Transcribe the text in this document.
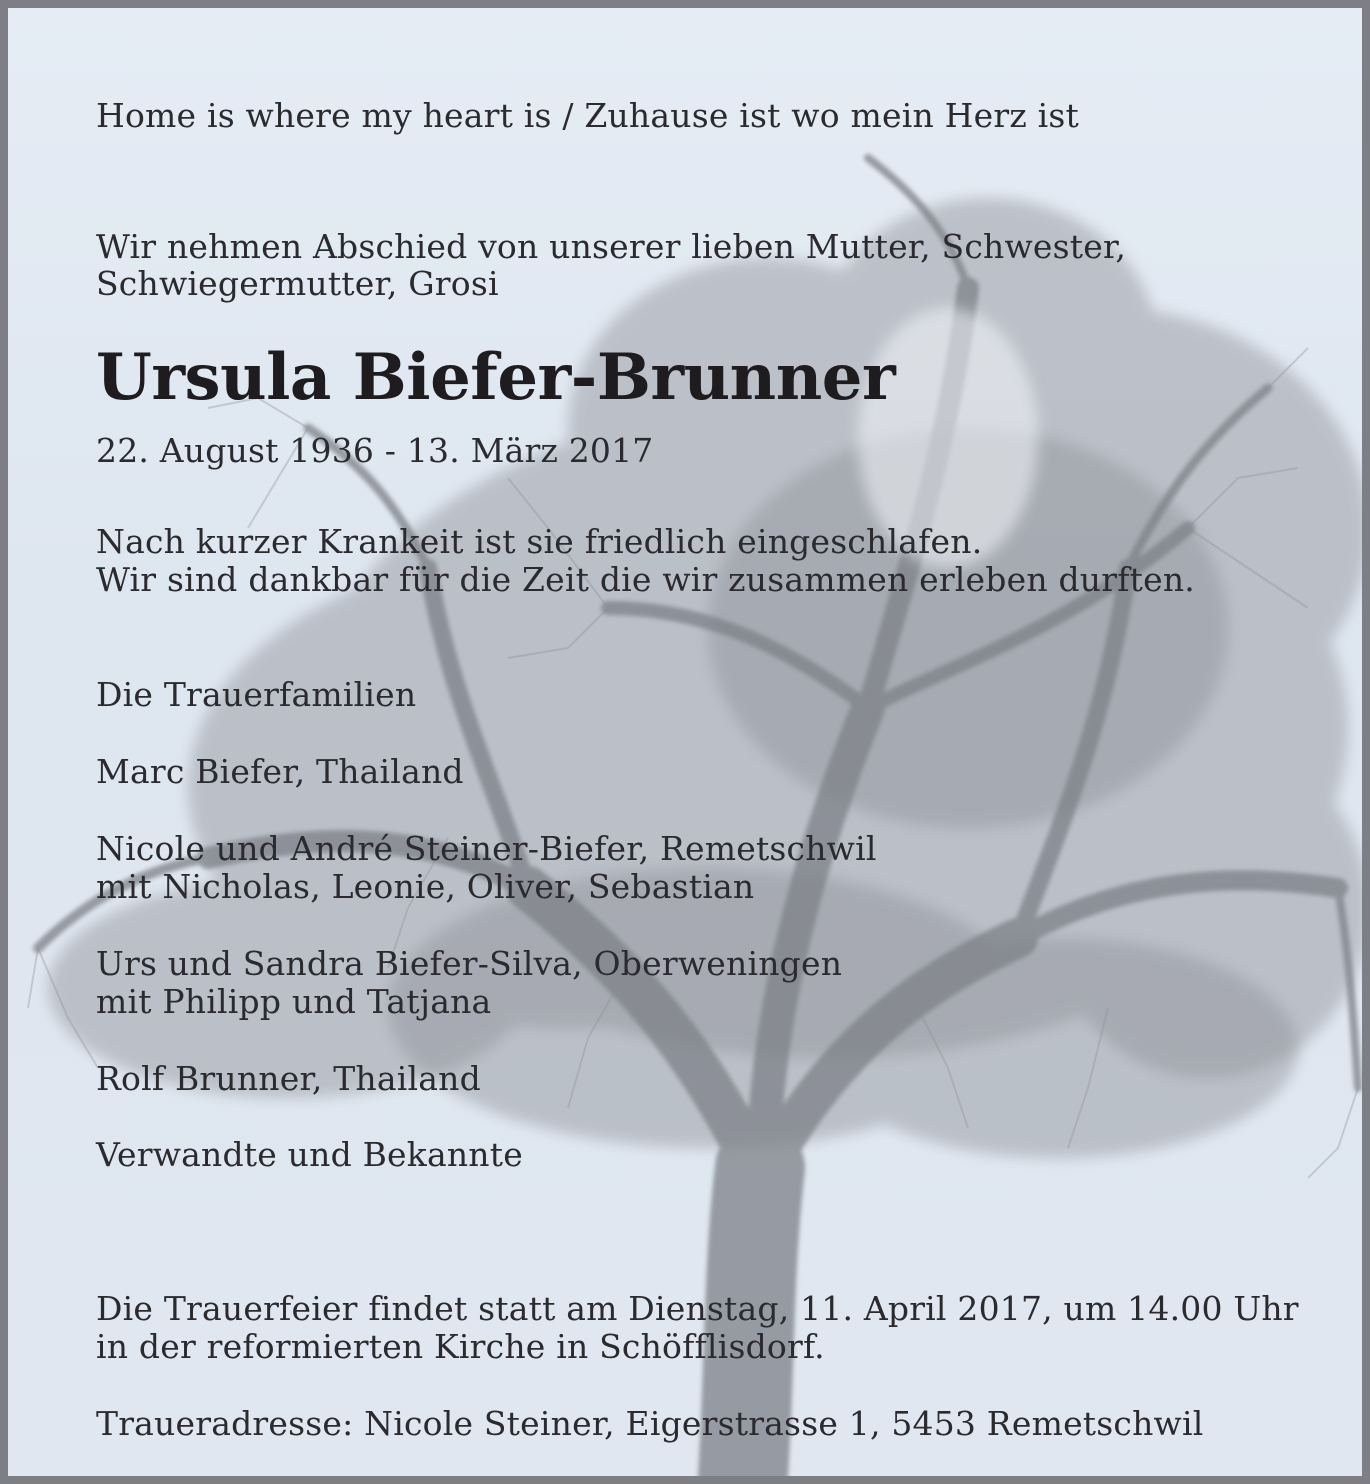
Home is where my heart is / Zuhause ist wo mein Herz ist
Wir nehmen Abschied von unserer lieben Mutter, Schwester,
Schwiegermutter, Grosi
Ursula Biefer-Brunner
22. August 1936 - 13. März 2017
Nach kurzer Krankeit ist sie friedlich eingeschlafen.
Wir sind dankbar für die Zeit die wir zusammen erleben durften.
Die Trauerfamilien
Marc Biefer, Thailand
Nicole und André Steiner-Biefer, Remetschwil
mit Nicholas, Leonie, Oliver, Sebastian
Urs und Sandra Biefer-Silva, Oberweningen
mit Philipp und Tatjana
Rolf Brunner, Thailand
Verwandte und Bekannte
Die Trauerfeier findet statt am Dienstag, 11. April 2017, um 14.00 Uhr
in der reformierten Kirche in Schöfflisdorf.
Traueradresse: Nicole Steiner, Eigerstrasse 1, 5453 Remetschwil
